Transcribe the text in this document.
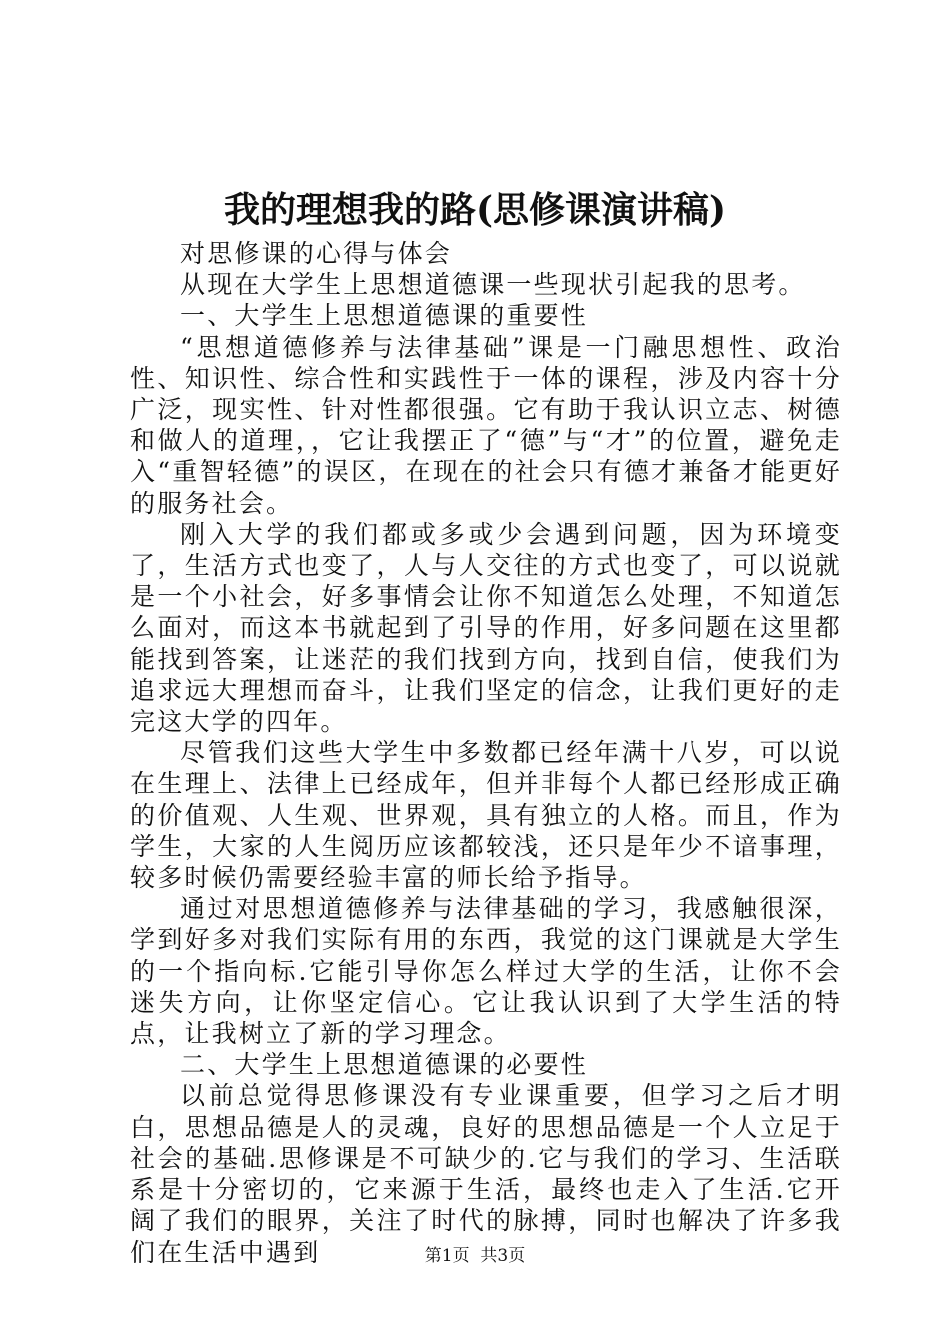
我的理想我的路(思修课演讲稿)

对思修课的心得与体会

从现在大学生上思想道德课一些现状引起我的思考。

一、大学生上思想道德课的重要性

“思想道德修养与法律基础”课是一门融思想性、政治性、知识性、综合性和实践性于一体的课程，涉及内容十分广泛，现实性、针对性都很强。它有助于我认识立志、树德和做人的道理，，它让我摆正了“德”与“才”的位置，避免走入“重智轻德”的误区，在现在的社会只有德才兼备才能更好的服务社会。

刚入大学的我们都或多或少会遇到问题，因为环境变了，生活方式也变了，人与人交往的方式也变了，可以说就是一个小社会，好多事情会让你不知道怎么处理，不知道怎么面对，而这本书就起到了引导的作用，好多问题在这里都能找到答案，让迷茫的我们找到方向，找到自信，使我们为追求远大理想而奋斗，让我们坚定的信念，让我们更好的走完这大学的四年。

尽管我们这些大学生中多数都已经年满十八岁，可以说在生理上、法律上已经成年，但并非每个人都已经形成正确的价值观、人生观、世界观，具有独立的人格。而且，作为学生，大家的人生阅历应该都较浅，还只是年少不谙事理，较多时候仍需要经验丰富的师长给予指导。

通过对思想道德修养与法律基础的学习，我感触很深，学到好多对我们实际有用的东西，我觉的这门课就是大学生的一个指向标.它能引导你怎么样过大学的生活，让你不会迷失方向，让你坚定信心。它让我认识到了大学生活的特点，让我树立了新的学习理念。

二、大学生上思想道德课的必要性

以前总觉得思修课没有专业课重要，但学习之后才明白，思想品德是人的灵魂，良好的思想品德是一个人立足于社会的基础.思修课是不可缺少的.它与我们的学习、生活联系是十分密切的，它来源于生活，最终也走入了生活.它开阔了我们的眼界，关注了时代的脉搏，同时也解决了许多我们在生活中遇到	第1页  共3页
